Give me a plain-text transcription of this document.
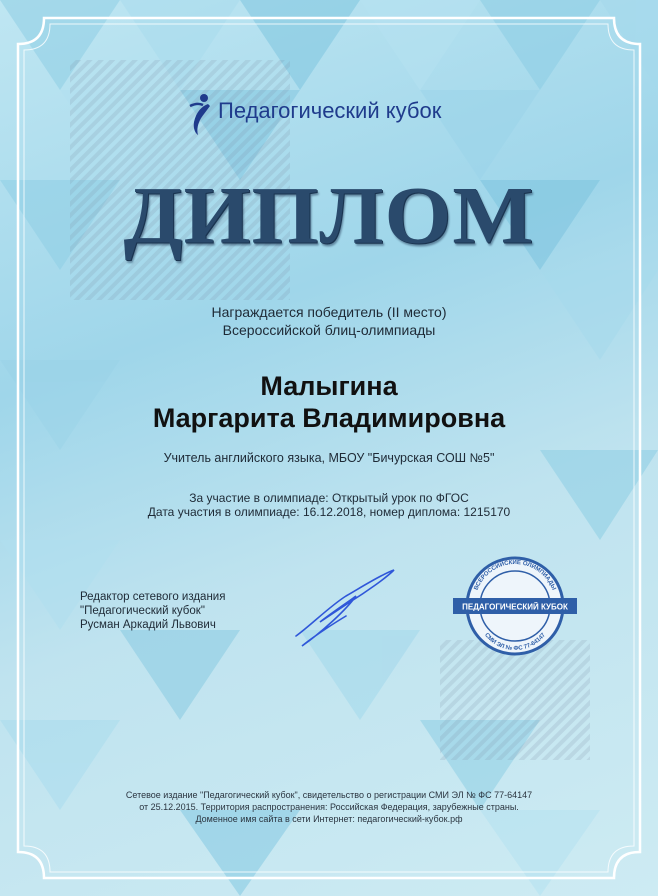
Педагогический кубок
ДИПЛОМ
Награждается победитель (II место)
Всероссийской блиц-олимпиады
Малыгина
Маргарита Владимировна
Учитель английского языка, МБОУ "Бичурская СОШ №5"
За участие в олимпиаде: Открытый урок по ФГОС
Дата участия в олимпиаде: 16.12.2018, номер диплома: 1215170
Редактор сетевого издания
"Педагогический кубок"
Русман Аркадий Львович
ВСЕРОССИЙСКИЕ ОЛИМПИАДЫ
СМИ ЭЛ № ФС 77-64147
ПЕДАГОГИЧЕСКИЙ КУБОК
Сетевое издание "Педагогический кубок", свидетельство о регистрации СМИ ЭЛ № ФС 77-64147
от 25.12.2015. Территория распространения: Российская Федерация, зарубежные страны.
Доменное имя сайта в сети Интернет: педагогический-кубок.рф
